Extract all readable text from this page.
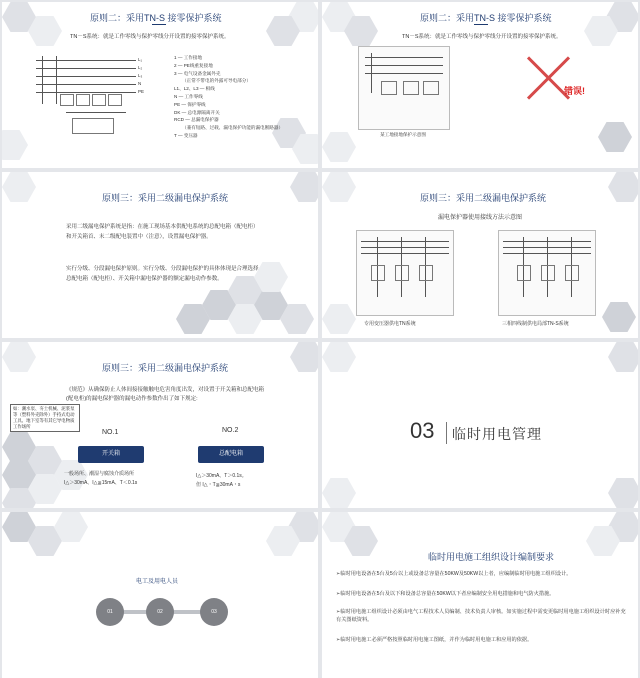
原则二：采用TN-S 接零保护系统
TN－S系统：就是工作零线与保护零线分开设置的接零保护系统。
L₁
L₂
L₃
N
PE
1 — 工作接地
2 — PE线重复接地
3 — 电气设备金属外壳
（正常不带电的外露可导电部分）
L1、L2、L3 — 相线
N — 工作零线
PE — 保护零线
DK — 总电源隔离开关
RCD — 总漏电保护器
（兼有短路、过载、漏电保护功能的漏电断路器）
T — 变压器
原则二：采用TN-S 接零保护系统
TN－S系统：就是工作零线与保护零线分开设置的接零保护系统。
某工地接地保护示意图
错误!
原则三：采用二级漏电保护系统
采用二级漏电保护系统是指：在施工现场基本供配电系统的总配电箱（配电柜）和开关箱首、末二级配电装置中（注意），设置漏电保护器。
实行分级、分段漏电保护原则。实行分级、分段漏电保护的具体体现是合理选择总配电箱（配电柜）、开关箱中漏电保护器的额定漏电动作参数。
原则三：采用二级漏电保护系统
漏电保护器使用接线方法示意图
专用变压器供电TN系统	三相四线制供电局部TN-S系统
原则三：采用二级漏电保护系统
《规范》从确保防止人体间接接触触电危害角度出发，对设置于开关箱和总配电箱(配电柜)的漏电保护器的漏电动作参数作出了如下规定:
如：潮水泵、夯土机械、泥浆泵等（塑料外壳除外）手持式电动工具、地下室等有其它导电物质工作场所
NO.1
开关箱
一般场所、潮湿与腐蚀介质场所
I△＞30mA、I△≦15mA、T＜0.1s
NO.2
总配电箱
I△＞30mA、T＞0.1s。
但 I△・T≦30mA・s
03 临时用电管理
电工及用电人员
01	02	03
临时用电施工组织设计编制要求
➢临时用电设备在5台及5台以上或设备总容量在50KW及50KW以上者，应编制临时用电施工组织设计。
➢临时用电设备在5台及以下和设备总容量在50KW以下者应编制安全用电措施和电气防火措施。
➢临时用电施工组织设计必须由电气工程技术人员编制、技术负责人审核。如实施过程中需变更临时用电施工组织设计时应补充有关图纸资料。
➢临时用电施工必须严格按照临时用电施工图纸，并作为临时用电施工和应用的依据。
